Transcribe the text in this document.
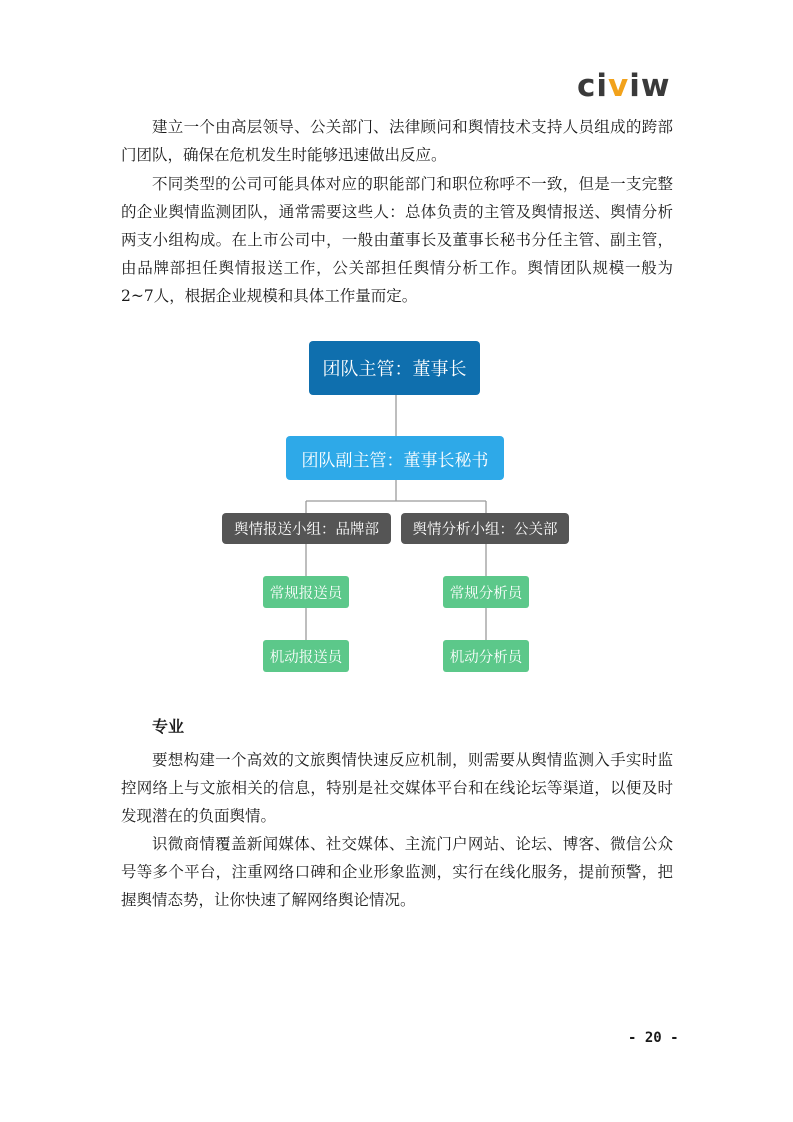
civiw

建立一个由高层领导、公关部门、法律顾问和舆情技术支持人员组成的跨部门团队，确保在危机发生时能够迅速做出反应。

不同类型的公司可能具体对应的职能部门和职位称呼不一致，但是一支完整的企业舆情监测团队，通常需要这些人：总体负责的主管及舆情报送、舆情分析两支小组构成。在上市公司中，一般由董事长及董事长秘书分任主管、副主管，由品牌部担任舆情报送工作，公关部担任舆情分析工作。舆情团队规模一般为2~7人，根据企业规模和具体工作量而定。

团队主管：董事长
团队副主管：董事长秘书
舆情报送小组：品牌部	舆情分析小组：公关部
常规报送员
机动报送员
常规分析员
机动分析员
专业

要想构建一个高效的文旅舆情快速反应机制，则需要从舆情监测入手实时监控网络上与文旅相关的信息，特别是社交媒体平台和在线论坛等渠道，以便及时发现潜在的负面舆情。

识微商情覆盖新闻媒体、社交媒体、主流门户网站、论坛、博客、微信公众号等多个平台，注重网络口碑和企业形象监测，实行在线化服务，提前预警，把握舆情态势，让你快速了解网络舆论情况。

- 20 -
